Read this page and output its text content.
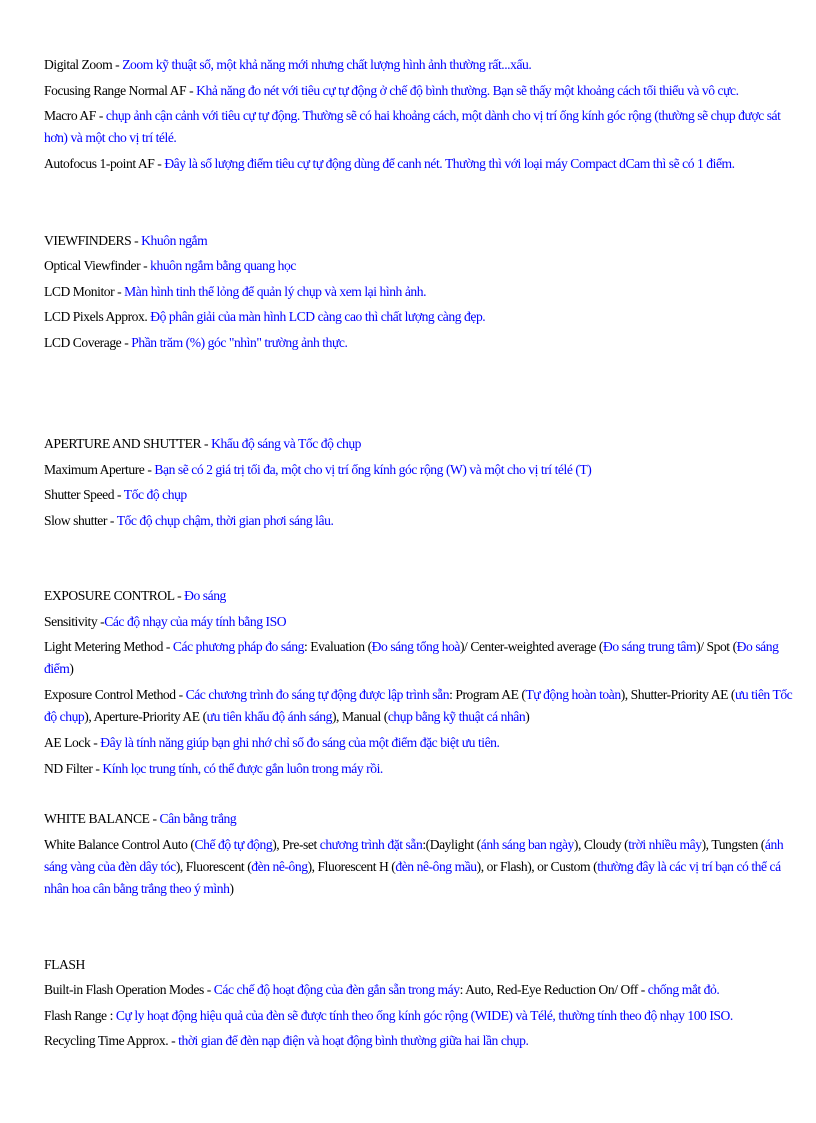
Digital Zoom - Zoom kỹ thuật số, một khả năng mới nhưng chất lượng hình ảnh thường rất...xấu.
Focusing Range Normal AF - Khả năng đo nét với tiêu cự tự động ở chế độ bình thường. Bạn sẽ thấy một khoảng cách tối thiểu và vô cực.
Macro AF - chụp ảnh cận cảnh với tiêu cự tự động. Thường sẽ có hai khoảng cách, một dành cho vị trí ống kính góc rộng (thường sẽ chụp được sát hơn) và một cho vị trí télé.
Autofocus 1-point AF - Đây là số lượng điểm tiêu cự tự động dùng để canh nét. Thường thì với loại máy Compact dCam thì sẽ có 1 điểm.
VIEWFINDERS - Khuôn ngắm
Optical Viewfinder - khuôn ngắm bằng quang học
LCD Monitor - Màn hình tinh thể lỏng để quản lý chụp và xem lại hình ảnh.
LCD Pixels Approx. Độ phân giải của màn hình LCD càng cao thì chất lượng càng đẹp.
LCD Coverage - Phần trăm (%) góc "nhìn" trường ảnh thực.
APERTURE AND SHUTTER - Khẩu độ sáng và Tốc độ chụp
Maximum Aperture - Bạn sẽ có 2 giá trị tối đa, một cho vị trí ống kính góc rộng (W) và một cho vị trí télé (T)
Shutter Speed - Tốc độ chụp
Slow shutter - Tốc độ chụp chậm, thời gian phơi sáng lâu.
EXPOSURE CONTROL - Đo sáng
Sensitivity -Các độ nhạy của máy tính bằng ISO
Light Metering Method - Các phương pháp đo sáng: Evaluation (Đo sáng tổng hoà)/ Center-weighted average (Đo sáng trung tâm)/ Spot (Đo sáng điểm)
Exposure Control Method - Các chương trình đo sáng tự động được lập trình sẵn: Program AE (Tự động hoàn toàn), Shutter-Priority AE (ưu tiên Tốc độ chụp), Aperture-Priority AE (ưu tiên khẩu độ ánh sáng), Manual (chụp bằng kỹ thuật cá nhân)
AE Lock - Đây là tính năng giúp bạn ghi nhớ chỉ số đo sáng của một điểm đặc biệt ưu tiên.
ND Filter - Kính lọc trung tính, có thể được gắn luôn trong máy rồi.
WHITE BALANCE - Cân bằng trắng
White Balance Control Auto (Chế độ tự động), Pre-set chương trình đặt sẵn:(Daylight (ánh sáng ban ngày), Cloudy (trời nhiều mây), Tungsten (ánh sáng vàng của đèn dây tóc), Fluorescent (đèn nê-ông), Fluorescent H (đèn nê-ông mầu), or Flash), or Custom (thường đây là các vị trí bạn có thể cá nhân hoa cân bằng trắng theo ý mình)
FLASH
Built-in Flash Operation Modes - Các chế độ hoạt động của đèn gắn sẵn trong máy: Auto, Red-Eye Reduction On/ Off - chống mắt đỏ.
Flash Range : Cự ly hoạt động hiệu quả của đèn sẽ được tính theo ống kính góc rộng (WIDE) và Télé, thường tính theo độ nhạy 100 ISO.
Recycling Time Approx. - thời gian để đèn nạp điện và hoạt động bình thường giữa hai lần chụp.
